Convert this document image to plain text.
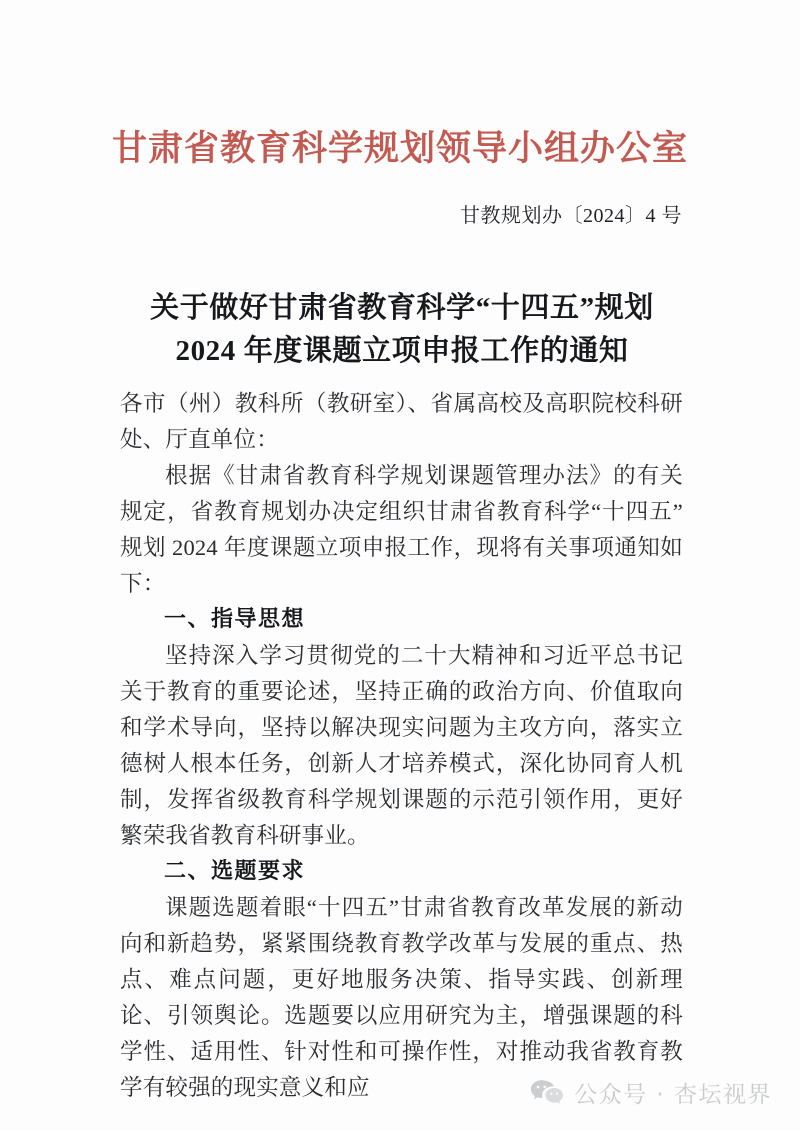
甘肃省教育科学规划领导小组办公室
甘教规划办〔2024〕4 号
关于做好甘肃省教育科学“十四五”规划
2024 年度课题立项申报工作的通知

各市（州）教科所（教研室）、省属高校及高职院校科研处、厅直单位：

根据《甘肃省教育科学规划课题管理办法》的有关规定，省教育规划办决定组织甘肃省教育科学“十四五”规划 2024 年度课题立项申报工作，现将有关事项通知如下：

一、指导思想

坚持深入学习贯彻党的二十大精神和习近平总书记关于教育的重要论述，坚持正确的政治方向、价值取向和学术导向，坚持以解决现实问题为主攻方向，落实立德树人根本任务，创新人才培养模式，深化协同育人机制，发挥省级教育科学规划课题的示范引领作用，更好繁荣我省教育科研事业。

二、选题要求

课题选题着眼“十四五”甘肃省教育改革发展的新动向和新趋势，紧紧围绕教育教学改革与发展的重点、热点、难点问题，更好地服务决策、指导实践、创新理论、引领舆论。选题要以应用研究为主，增强课题的科学性、适用性、针对性和可操作性，对推动我省教育教学有较强的现实意义和应	公众号 · 杏坛视界
